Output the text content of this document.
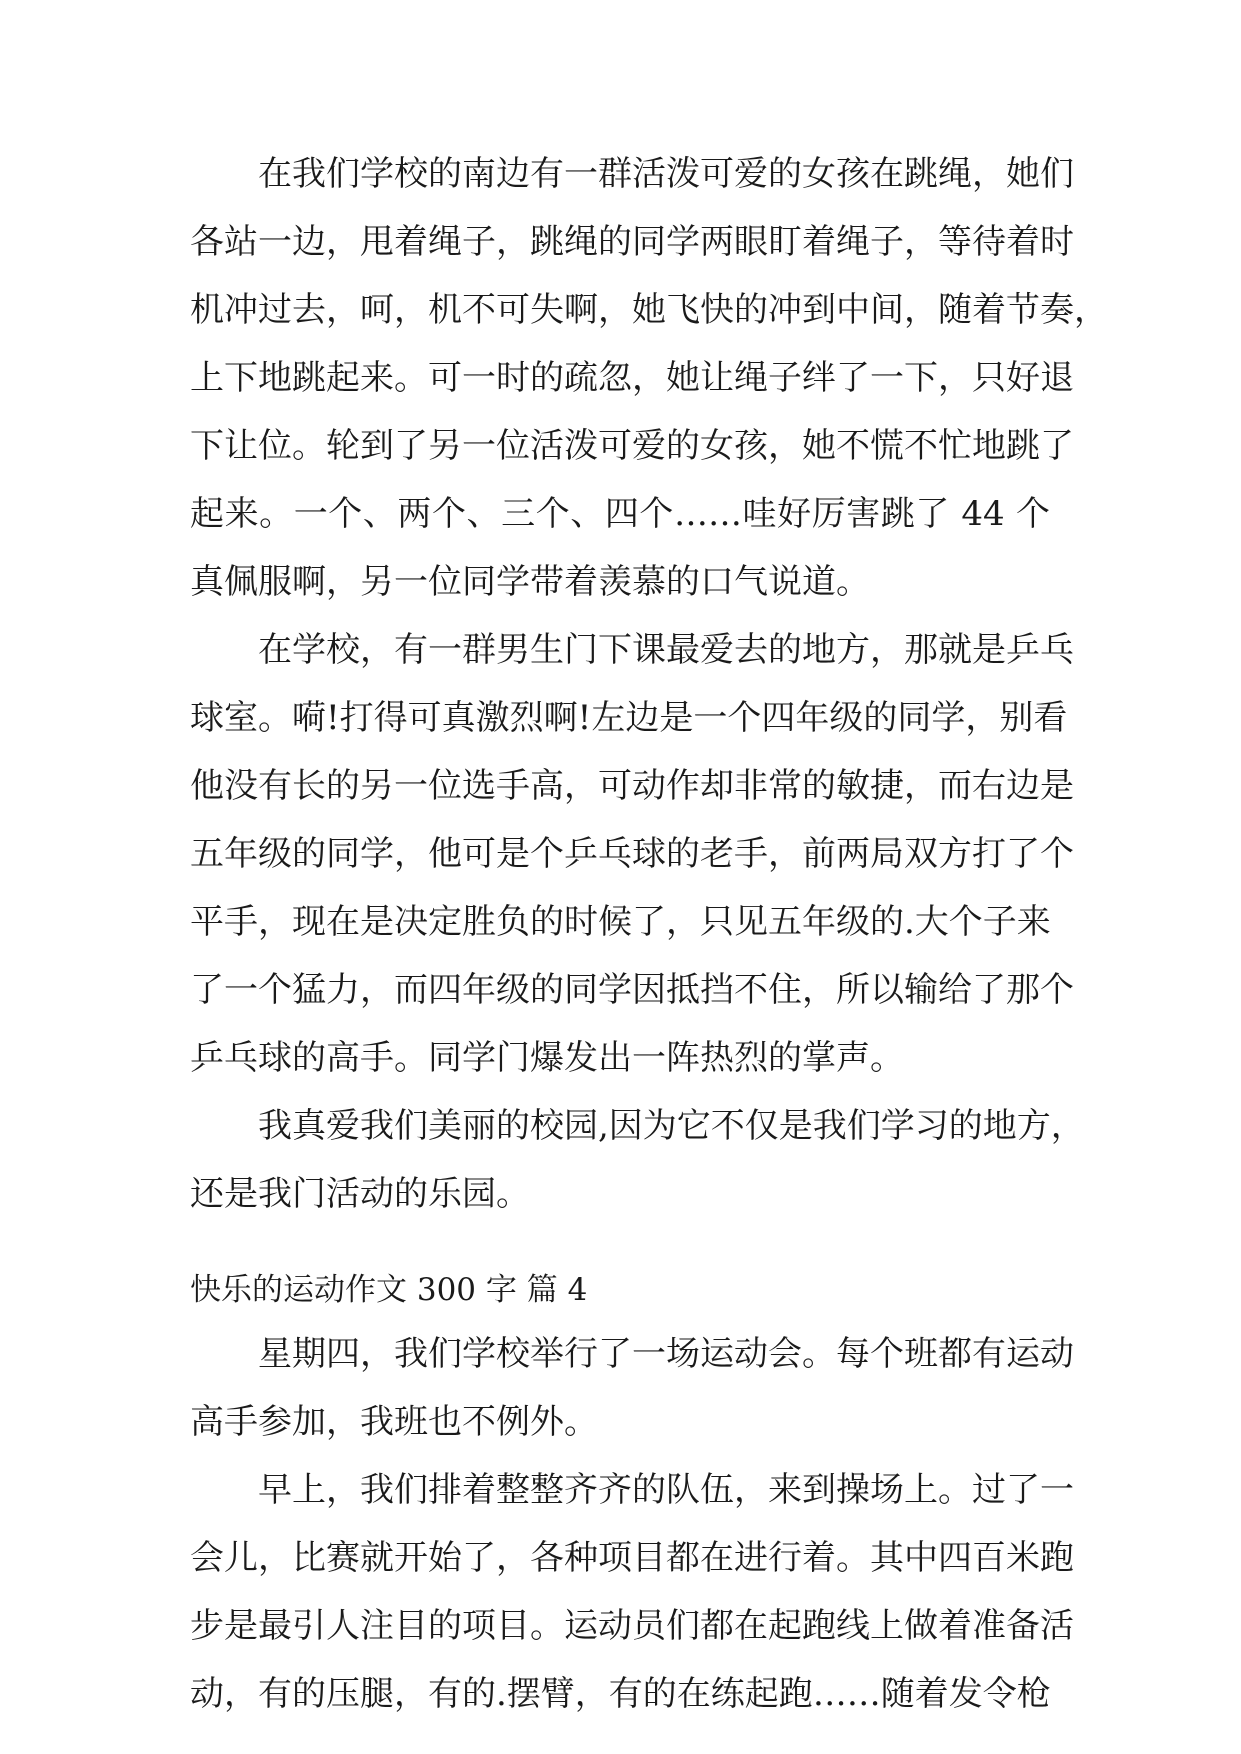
在我们学校的南边有一群活泼可爱的女孩在跳绳，她们
各站一边，甩着绳子，跳绳的同学两眼盯着绳子，等待着时
机冲过去，呵，机不可失啊，她飞快的冲到中间，随着节奏，
上下地跳起来。可一时的疏忽，她让绳子绊了一下，只好退
下让位。轮到了另一位活泼可爱的女孩，她不慌不忙地跳了
起来。一个、两个、三个、四个……哇好厉害跳了 44 个
真佩服啊，另一位同学带着羡慕的口气说道。
在学校，有一群男生门下课最爱去的地方，那就是乒乓
球室。嗬!打得可真激烈啊!左边是一个四年级的同学，别看
他没有长的另一位选手高，可动作却非常的敏捷，而右边是
五年级的同学，他可是个乒乓球的老手，前两局双方打了个
平手，现在是决定胜负的时候了，只见五年级的.大个子来
了一个猛力，而四年级的同学因抵挡不住，所以输给了那个
乒乓球的高手。同学门爆发出一阵热烈的掌声。
我真爱我们美丽的校园,因为它不仅是我们学习的地方，
还是我门活动的乐园。
快乐的运动作文 300 字 篇 4
星期四，我们学校举行了一场运动会。每个班都有运动
高手参加，我班也不例外。
早上，我们排着整整齐齐的队伍，来到操场上。过了一
会儿，比赛就开始了，各种项目都在进行着。其中四百米跑
步是最引人注目的项目。运动员们都在起跑线上做着准备活
动，有的压腿，有的.摆臂，有的在练起跑……随着发令枪
